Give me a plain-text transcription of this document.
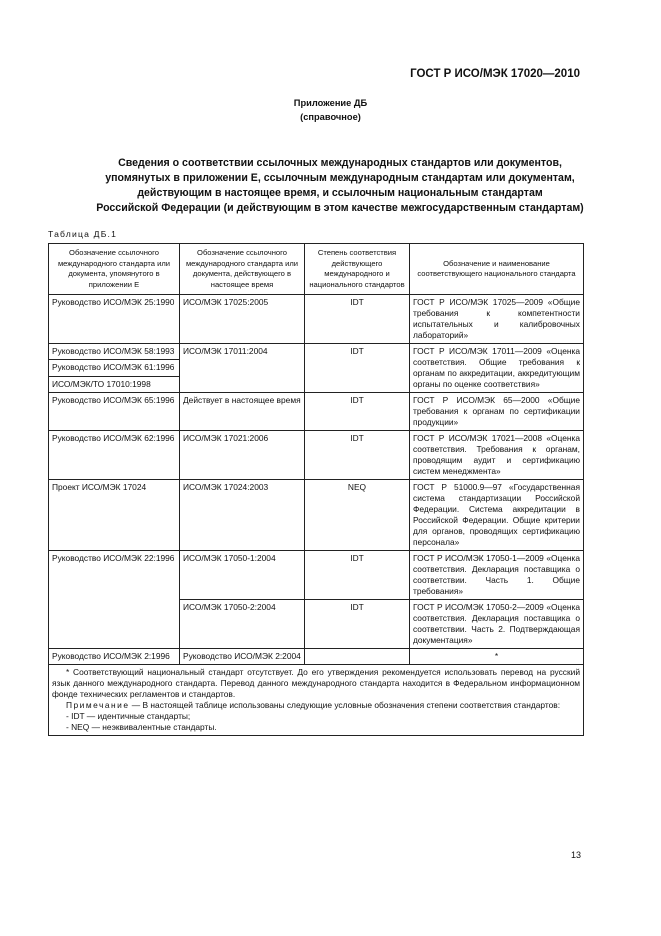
ГОСТ Р ИСО/МЭК 17020—2010
Приложение ДБ
(справочное)
Сведения о соответствии ссылочных международных стандартов или документов,
упомянутых в приложении Е, ссылочным международным стандартам или документам,
действующим в настоящее время, и ссылочным национальным стандартам
Российской Федерации (и действующим в этом качестве межгосударственным стандартам)
Таблица ДБ.1
Обозначение ссылочного международного стандарта или документа, упомянутого в приложении Е	Обозначение ссылочного международного стандарта или документа, действующего в настоящее время	Степень соответствия действующего международного и национального стандартов	Обозначение и наименование соответствующего национального стандарта
Руководство ИСО/МЭК 25:1990	ИСО/МЭК 17025:2005	IDT	ГОСТ Р ИСО/МЭК 17025—2009 «Общие требования к компетентности испытательных и калибровочных лабораторий»
Руководство ИСО/МЭК 58:1993	ИСО/МЭК 17011:2004	IDT	ГОСТ Р ИСО/МЭК 17011—2009 «Оценка соответствия. Общие требования к органам по аккредитации, аккредитующим органы по оценке соответствия»
Руководство ИСО/МЭК 61:1996			
ИСО/МЭК/ТО 17010:1998			
Руководство ИСО/МЭК 65:1996	Действует в настоящее время	IDT	ГОСТ Р ИСО/МЭК 65—2000 «Общие требования к органам по сертификации продукции»
Руководство ИСО/МЭК 62:1996	ИСО/МЭК 17021:2006	IDT	ГОСТ Р ИСО/МЭК 17021—2008 «Оценка соответствия. Требования к органам, проводящим аудит и сертификацию систем менеджмента»
Проект ИСО/МЭК 17024	ИСО/МЭК 17024:2003	NEQ	ГОСТ Р 51000.9—97 «Государственная система стандартизации Российской Федерации. Система аккредитации в Российской Федерации. Общие критерии для органов, проводящих сертификацию персонала»
Руководство ИСО/МЭК 22:1996	ИСО/МЭК 17050-1:2004	IDT	ГОСТ Р ИСО/МЭК 17050-1—2009 «Оценка соответствия. Декларация поставщика о соответствии. Часть 1. Общие требования»
	ИСО/МЭК 17050-2:2004	IDT	ГОСТ Р ИСО/МЭК 17050-2—2009 «Оценка соответствия. Декларация поставщика о соответствии. Часть 2. Подтверждающая документация»
Руководство ИСО/МЭК 2:1996	Руководство ИСО/МЭК 2:2004		*

* Соответствующий национальный стандарт отсутствует. До его утверждения рекомендуется использовать перевод на русский язык данного международного стандарта. Перевод данного международного стандарта находится в Федеральном информационном фонде технических регламентов и стандартов.

Примечание — В настоящей таблице использованы следующие условные обозначения степени соответствия стандартов:

- IDT — идентичные стандарты;

- NEQ — неэквивалентные стандарты.			

13
